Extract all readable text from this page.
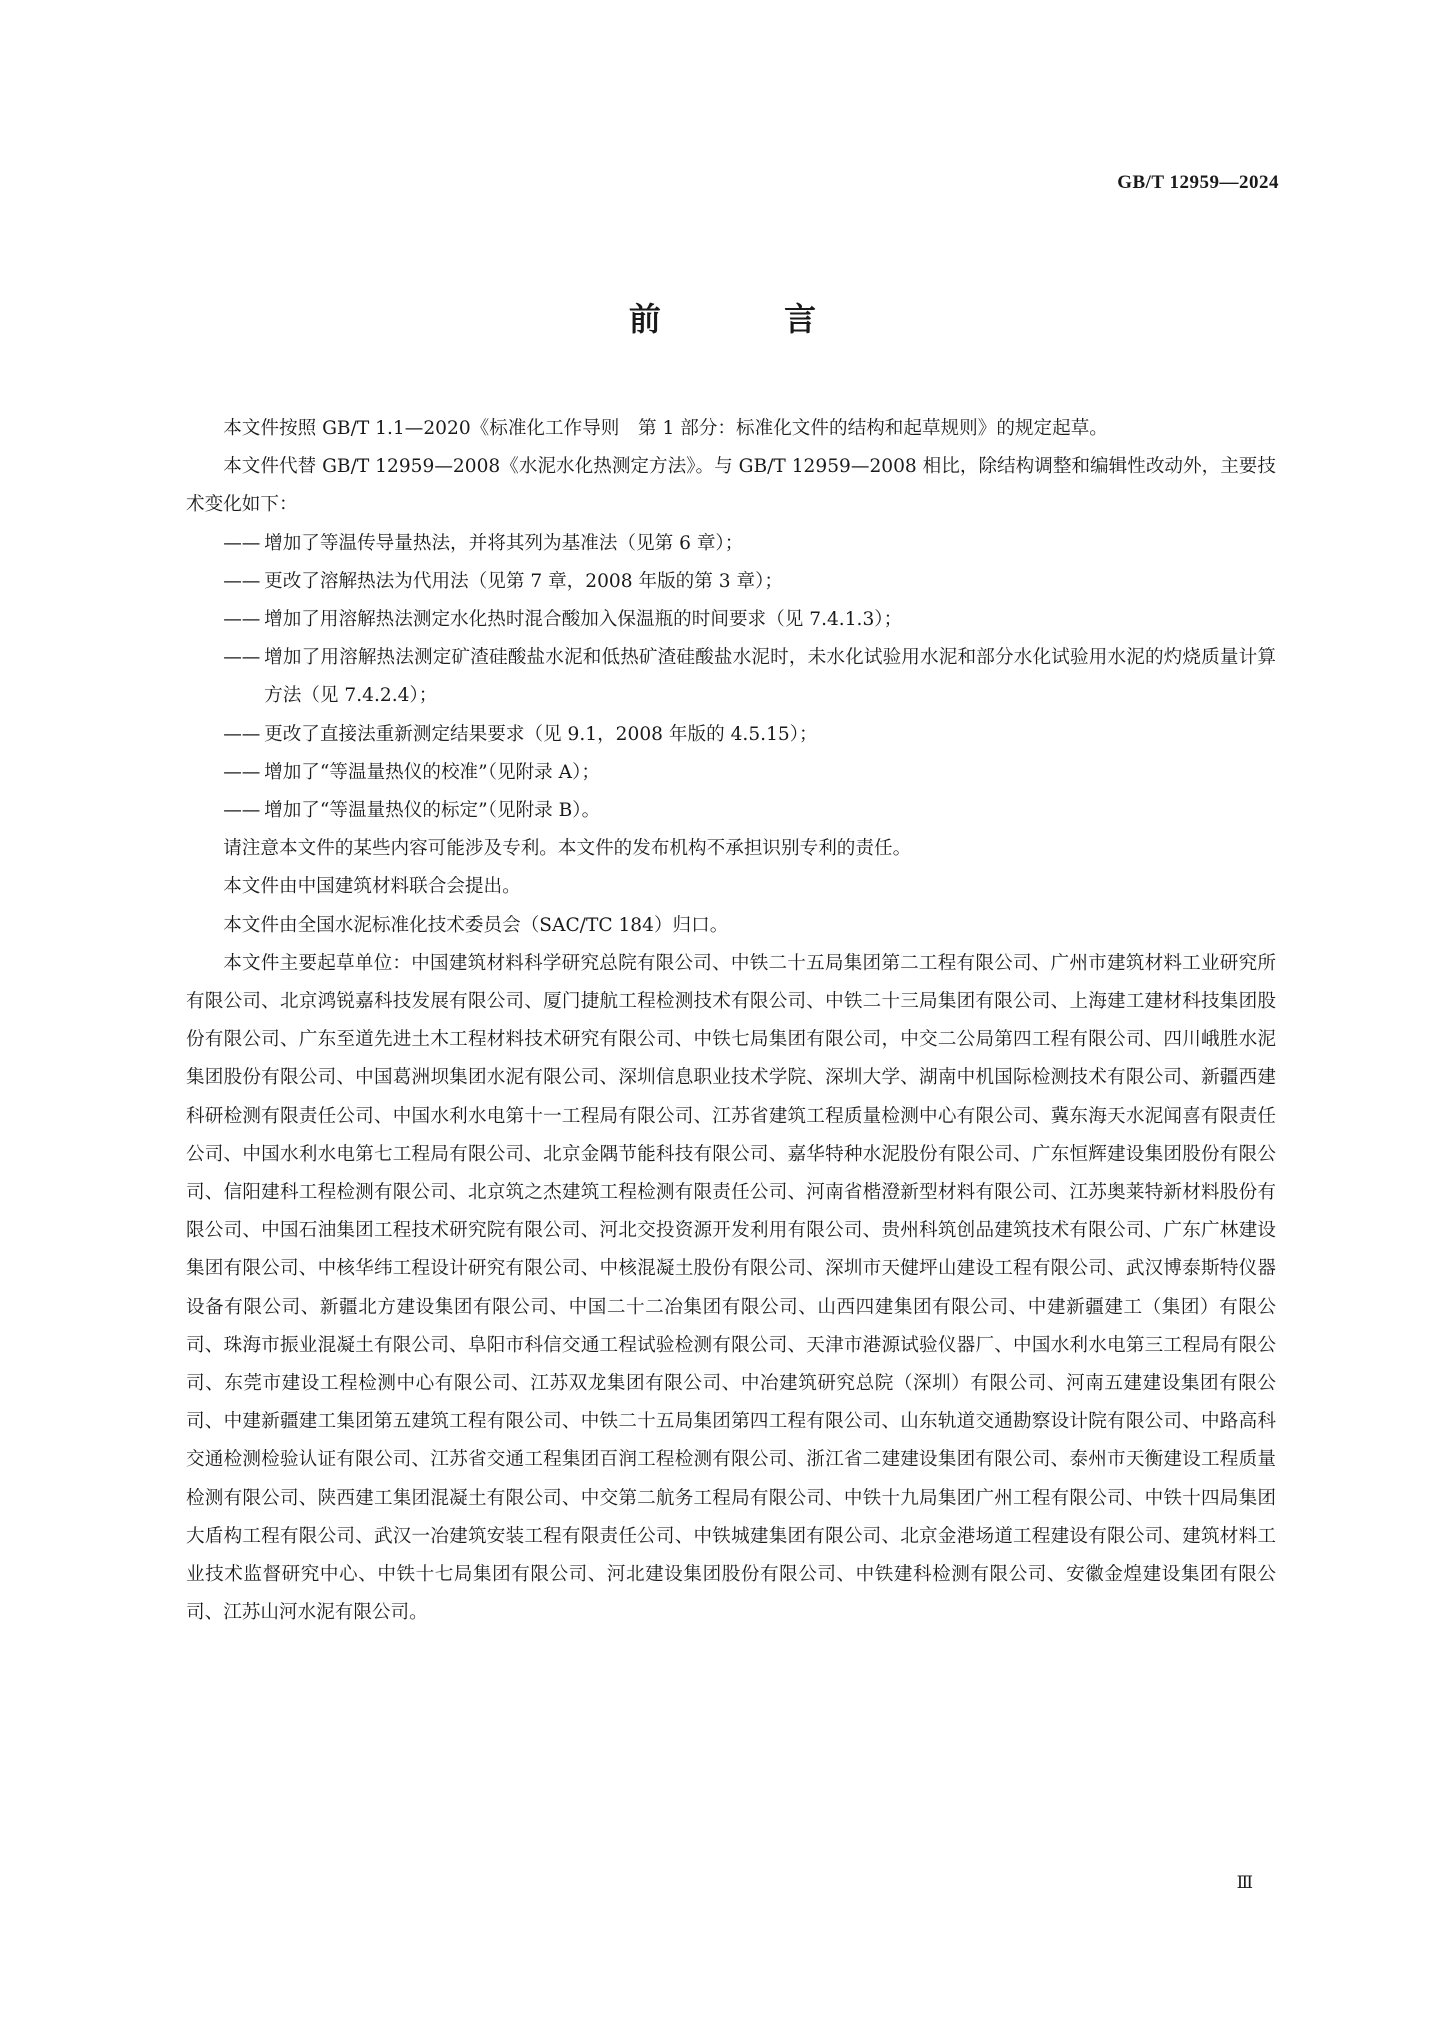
GB/T 12959—2024
前 言

本文件按照 GB/T 1.1—2020《标准化工作导则　第 1 部分：标准化文件的结构和起草规则》的规定起草。

本文件代替 GB/T 12959—2008《水泥水化热测定方法》。与 GB/T 12959—2008 相比，除结构调整和编辑性改动外，主要技术变化如下：

—— 增加了等温传导量热法，并将其列为基准法（见第 6 章）；

—— 更改了溶解热法为代用法（见第 7 章，2008 年版的第 3 章）；

—— 增加了用溶解热法测定水化热时混合酸加入保温瓶的时间要求（见 7.4.1.3）；

—— 增加了用溶解热法测定矿渣硅酸盐水泥和低热矿渣硅酸盐水泥时，未水化试验用水泥和部分水化试验用水泥的灼烧质量计算方法（见 7.4.2.4）；

—— 更改了直接法重新测定结果要求（见 9.1，2008 年版的 4.5.15）；

—— 增加了“等温量热仪的校准”（见附录 A）；

—— 增加了“等温量热仪的标定”（见附录 B）。

请注意本文件的某些内容可能涉及专利。本文件的发布机构不承担识别专利的责任。

本文件由中国建筑材料联合会提出。

本文件由全国水泥标准化技术委员会（SAC/TC 184）归口。

本文件主要起草单位：中国建筑材料科学研究总院有限公司、中铁二十五局集团第二工程有限公司、广州市建筑材料工业研究所有限公司、北京鸿锐嘉科技发展有限公司、厦门捷航工程检测技术有限公司、中铁二十三局集团有限公司、上海建工建材科技集团股份有限公司、广东至道先进土木工程材料技术研究有限公司、中铁七局集团有限公司，中交二公局第四工程有限公司、四川峨胜水泥集团股份有限公司、中国葛洲坝集团水泥有限公司、深圳信息职业技术学院、深圳大学、湖南中机国际检测技术有限公司、新疆西建科研检测有限责任公司、中国水利水电第十一工程局有限公司、江苏省建筑工程质量检测中心有限公司、冀东海天水泥闻喜有限责任公司、中国水利水电第七工程局有限公司、北京金隅节能科技有限公司、嘉华特种水泥股份有限公司、广东恒辉建设集团股份有限公司、信阳建科工程检测有限公司、北京筑之杰建筑工程检测有限责任公司、河南省楷澄新型材料有限公司、江苏奥莱特新材料股份有限公司、中国石油集团工程技术研究院有限公司、河北交投资源开发利用有限公司、贵州科筑创品建筑技术有限公司、广东广林建设集团有限公司、中核华纬工程设计研究有限公司、中核混凝土股份有限公司、深圳市天健坪山建设工程有限公司、武汉博泰斯特仪器设备有限公司、新疆北方建设集团有限公司、中国二十二冶集团有限公司、山西四建集团有限公司、中建新疆建工（集团）有限公司、珠海市振业混凝土有限公司、阜阳市科信交通工程试验检测有限公司、天津市港源试验仪器厂、中国水利水电第三工程局有限公司、东莞市建设工程检测中心有限公司、江苏双龙集团有限公司、中冶建筑研究总院（深圳）有限公司、河南五建建设集团有限公司、中建新疆建工集团第五建筑工程有限公司、中铁二十五局集团第四工程有限公司、山东轨道交通勘察设计院有限公司、中路高科交通检测检验认证有限公司、江苏省交通工程集团百润工程检测有限公司、浙江省二建建设集团有限公司、泰州市天衡建设工程质量检测有限公司、陕西建工集团混凝土有限公司、中交第二航务工程局有限公司、中铁十九局集团广州工程有限公司、中铁十四局集团大盾构工程有限公司、武汉一冶建筑安装工程有限责任公司、中铁城建集团有限公司、北京金港场道工程建设有限公司、建筑材料工业技术监督研究中心、中铁十七局集团有限公司、河北建设集团股份有限公司、中铁建科检测有限公司、安徽金煌建设集团有限公司、江苏山河水泥有限公司。

Ⅲ
